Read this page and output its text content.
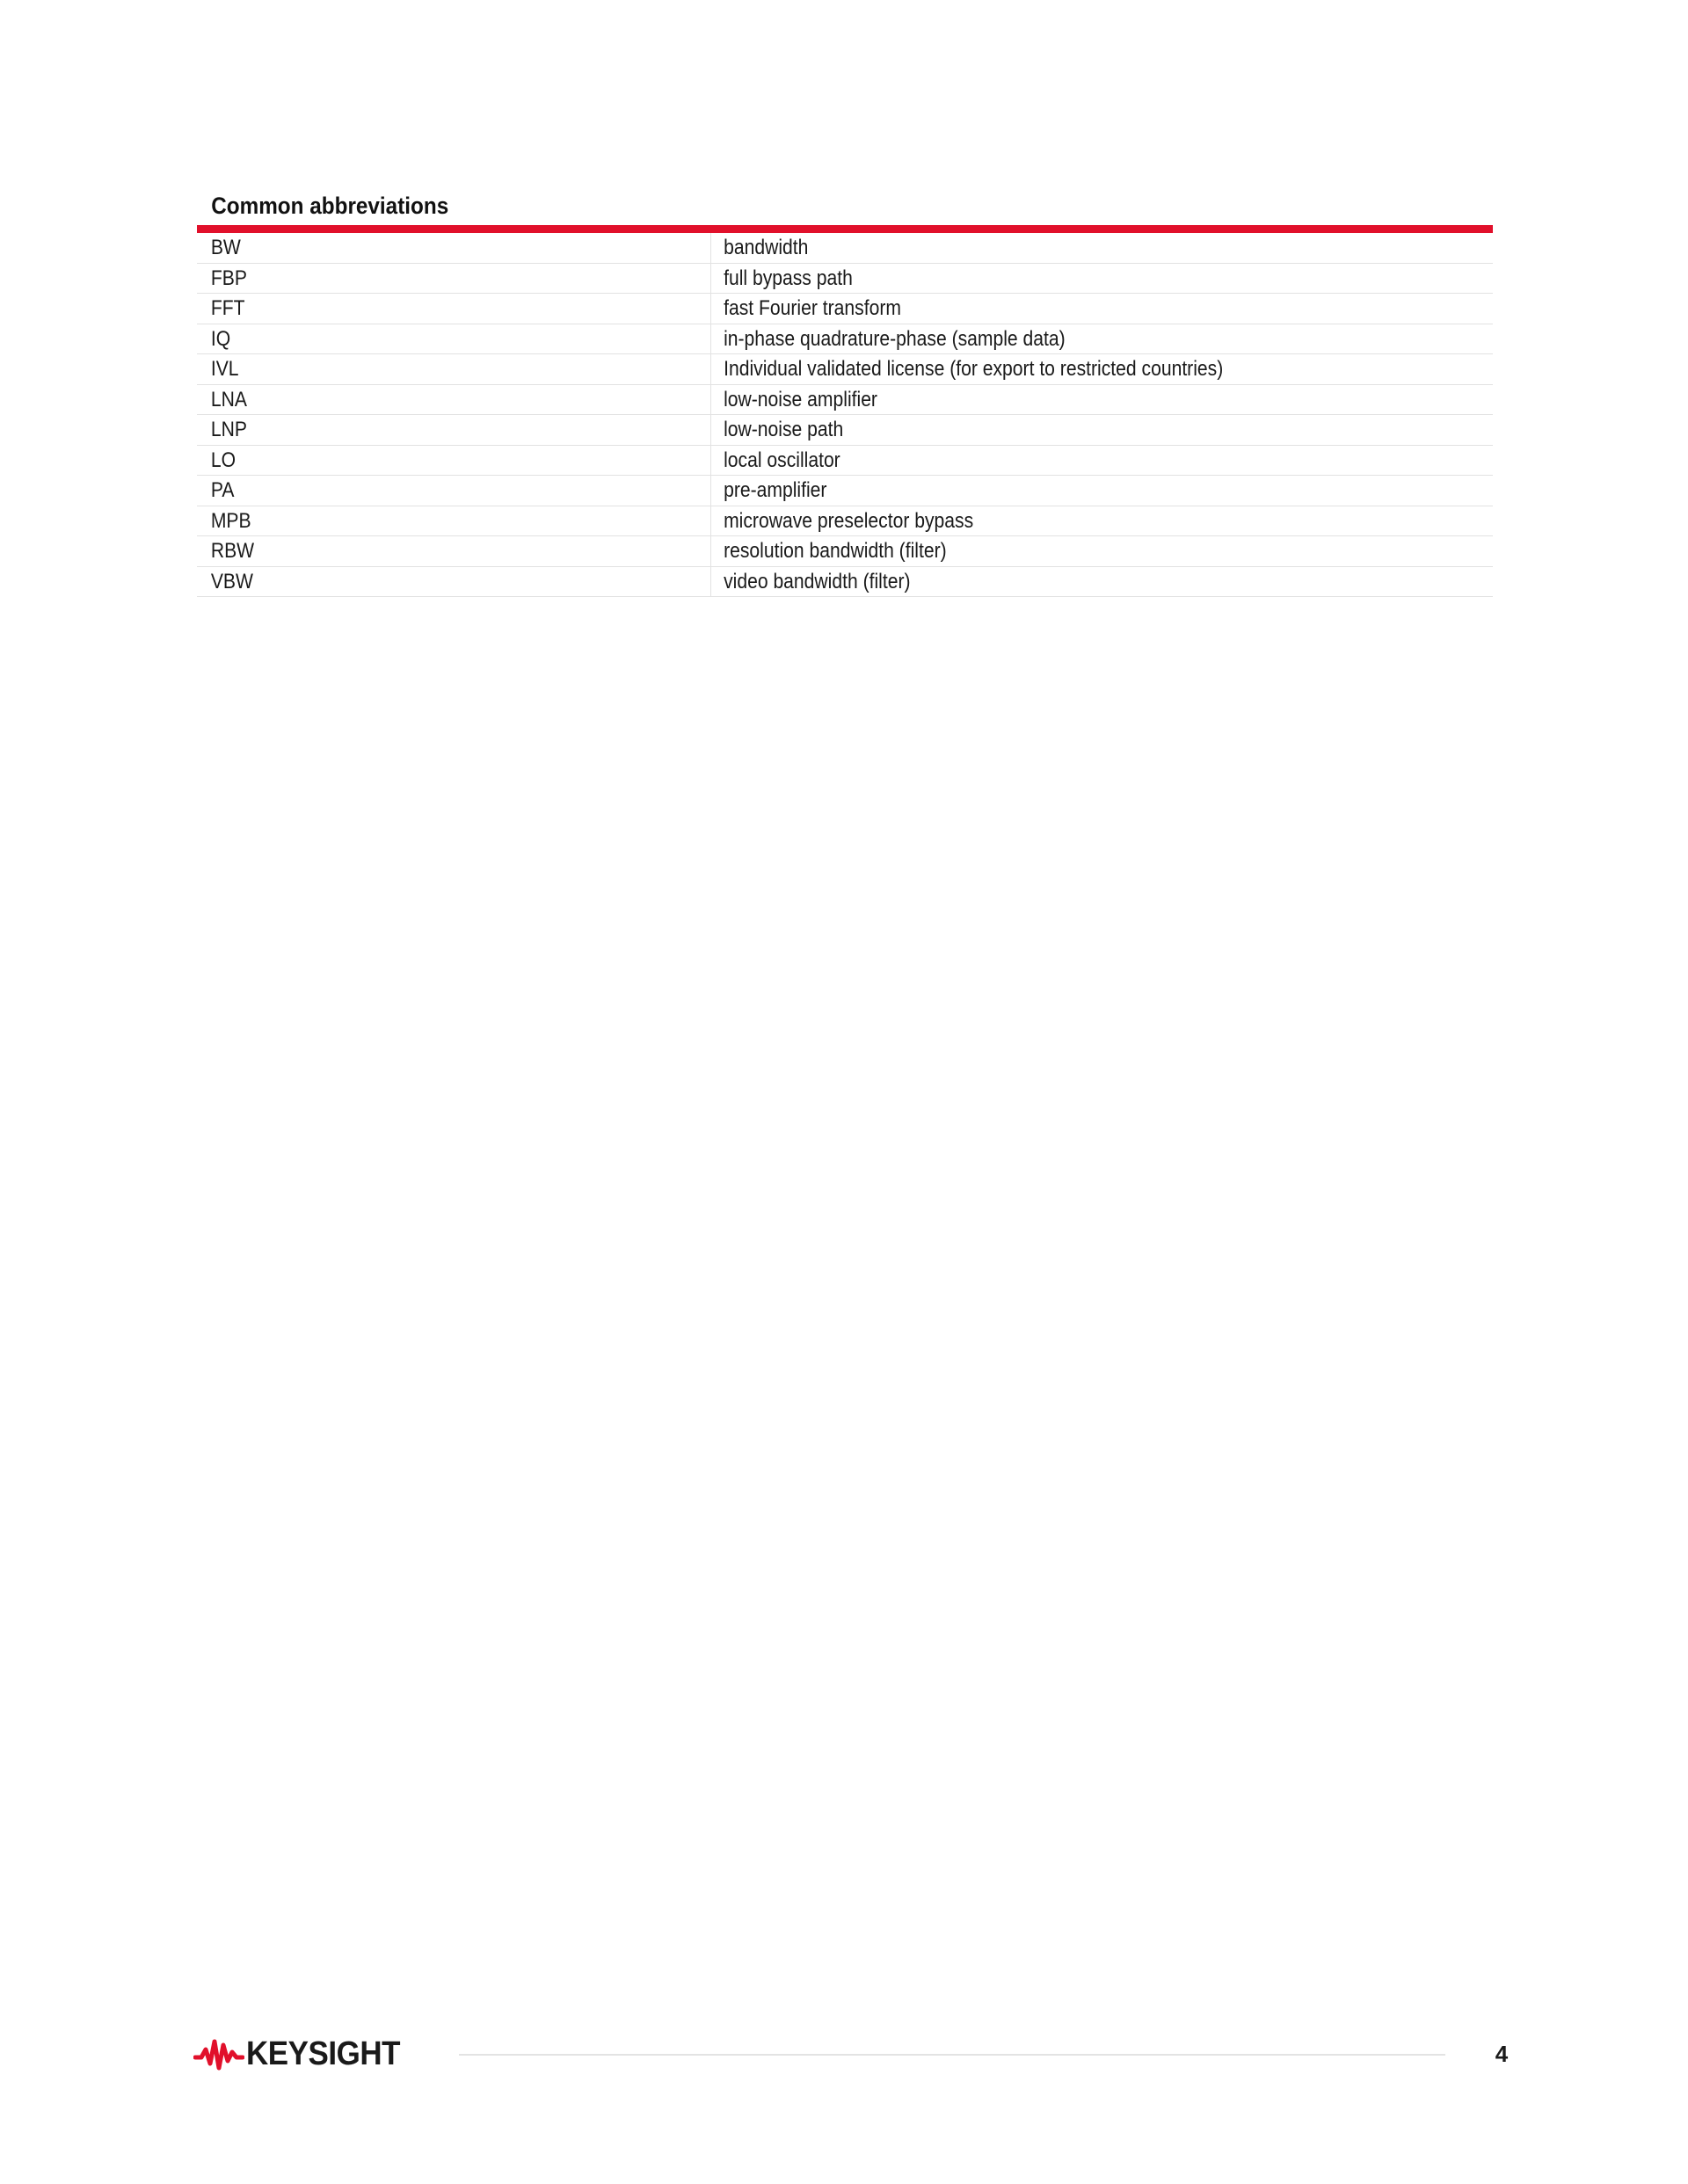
Common abbreviations
BW	bandwidth
FBP	full bypass path
FFT	fast Fourier transform
IQ	in-phase quadrature-phase (sample data)
IVL	Individual validated license (for export to restricted countries)
LNA	low-noise amplifier
LNP	low-noise path
LO	local oscillator
PA	pre-amplifier
MPB	microwave preselector bypass
RBW	resolution bandwidth (filter)
VBW	video bandwidth (filter)
KEYSIGHT	4
